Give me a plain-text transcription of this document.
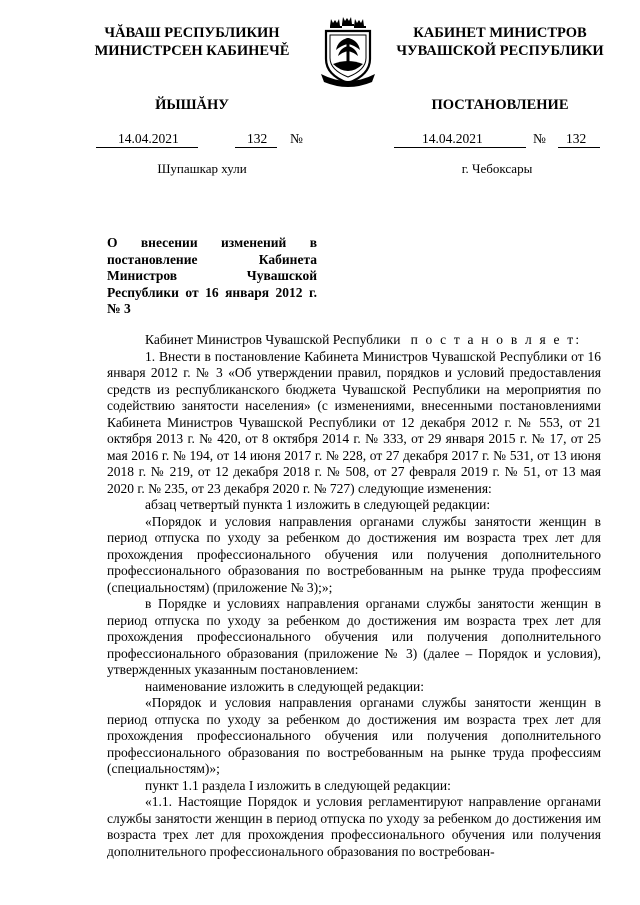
ЧĂВАШ РЕСПУБЛИКИН
МИНИСТРСЕН КАБИНЕЧĚ
ЙЫШĂНУ
КАБИНЕТ МИНИСТРОВ
ЧУВАШСКОЙ РЕСПУБЛИКИ
ПОСТАНОВЛЕНИЕ
14.04.2021	132 №	14.04.2021	№ 132
Шупашкар хули	г. Чебоксары
О внесении изменений в постановление Кабинета Министров Чувашской Республики от 16 января 2012 г. № 3

Кабинет Министров Чувашской Республики п о с т а н о в л я е т:

1. Внести в постановление Кабинета Министров Чувашской Республики от 16 января 2012 г. № 3 «Об утверждении правил, порядков и условий предоставления средств из республиканского бюджета Чувашской Республики на мероприятия по содействию занятости населения» (с изменениями, внесенными постановлениями Кабинета Министров Чувашской Республики от 12 декабря 2012 г. № 553, от 21 октября 2013 г. № 420, от 8 октября 2014 г. № 333, от 29 января 2015 г. № 17, от 25 мая 2016 г. № 194, от 14 июня 2017 г. № 228, от 27 декабря 2017 г. № 531, от 13 июня 2018 г. № 219, от 12 декабря 2018 г. № 508, от 27 февраля 2019 г. № 51, от 13 мая 2020 г. № 235, от 23 декабря 2020 г. № 727) следующие изменения:

абзац четвертый пункта 1 изложить в следующей редакции:

«Порядок и условия направления органами службы занятости женщин в период отпуска по уходу за ребенком до достижения им возраста трех лет для прохождения профессионального обучения или получения дополнительного профессионального образования по востребованным на рынке труда профессиям (специальностям) (приложение № 3);»;

в Порядке и условиях направления органами службы занятости женщин в период отпуска по уходу за ребенком до достижения им возраста трех лет для прохождения профессионального обучения или получения дополнительного профессионального образования (приложение № 3) (далее – Порядок и условия), утвержденных указанным постановлением:

наименование изложить в следующей редакции:

«Порядок и условия направления органами службы занятости женщин в период отпуска по уходу за ребенком до достижения им возраста трех лет для прохождения профессионального обучения или получения дополнительного профессионального образования по востребованным на рынке труда профессиям (специальностям)»;

пункт 1.1 раздела I изложить в следующей редакции:

«1.1. Настоящие Порядок и условия регламентируют направление органами службы занятости женщин в период отпуска по уходу за ребенком до достижения им возраста трех лет для прохождения профессионального обучения или получения дополнительного профессионального образования по востребован-
